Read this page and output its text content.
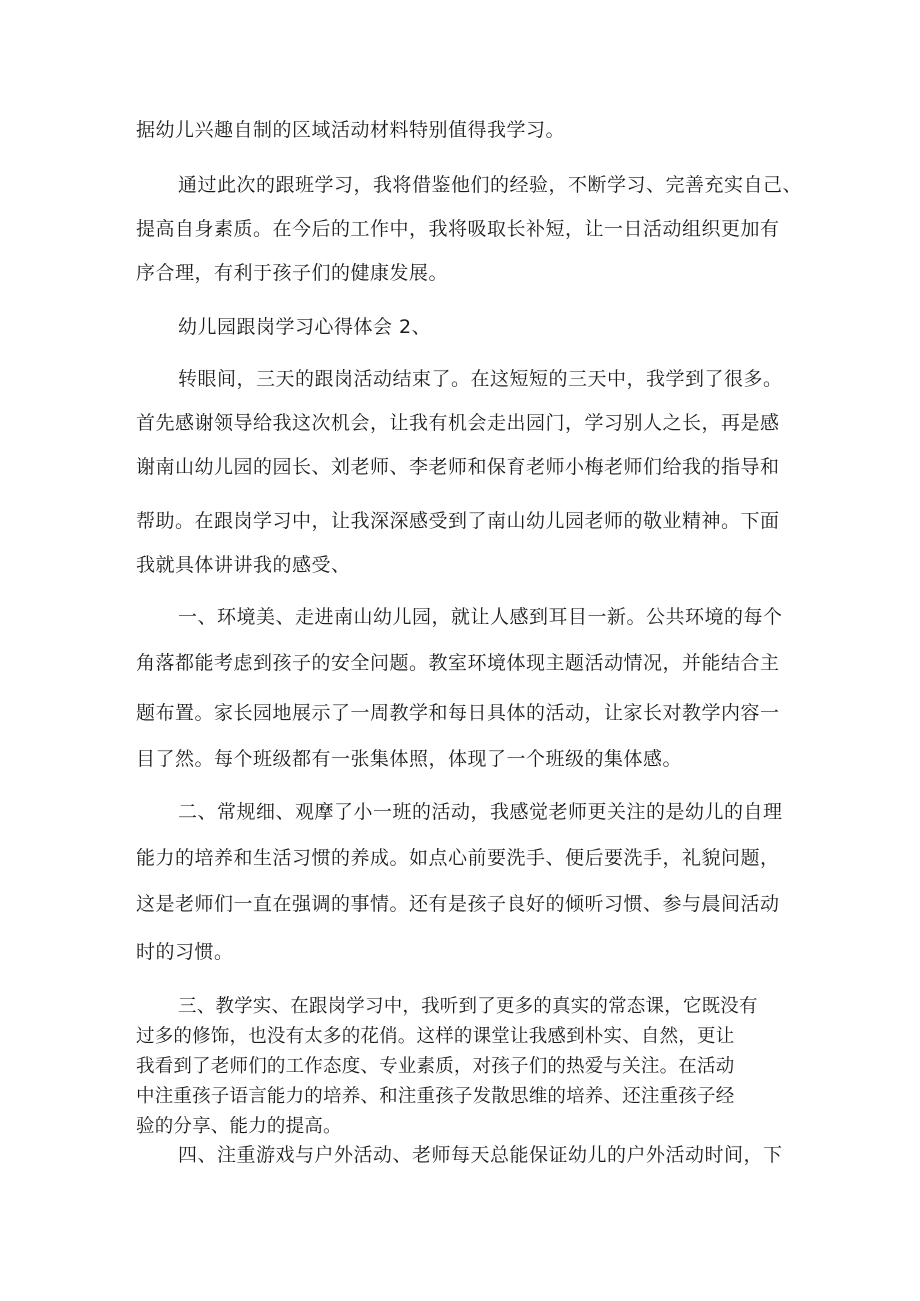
据幼儿兴趣自制的区域活动材料特别值得我学习。
通过此次的跟班学习，我将借鉴他们的经验，不断学习、完善充实自己、
提高自身素质。在今后的工作中，我将吸取长补短，让一日活动组织更加有
序合理，有利于孩子们的健康发展。
幼儿园跟岗学习心得体会 2、
转眼间，三天的跟岗活动结束了。在这短短的三天中，我学到了很多。
首先感谢领导给我这次机会，让我有机会走出园门，学习别人之长，再是感
谢南山幼儿园的园长、刘老师、李老师和保育老师小梅老师们给我的指导和
帮助。在跟岗学习中，让我深深感受到了南山幼儿园老师的敬业精神。下面
我就具体讲讲我的感受、
一、环境美、走进南山幼儿园，就让人感到耳目一新。公共环境的每个
角落都能考虑到孩子的安全问题。教室环境体现主题活动情况，并能结合主
题布置。家长园地展示了一周教学和每日具体的活动，让家长对教学内容一
目了然。每个班级都有一张集体照，体现了一个班级的集体感。
二、常规细、观摩了小一班的活动，我感觉老师更关注的是幼儿的自理
能力的培养和生活习惯的养成。如点心前要洗手、便后要洗手，礼貌问题，
这是老师们一直在强调的事情。还有是孩子良好的倾听习惯、参与晨间活动
时的习惯。
三、教学实、在跟岗学习中，我听到了更多的真实的常态课，它既没有
过多的修饰，也没有太多的花俏。这样的课堂让我感到朴实、自然，更让
我看到了老师们的工作态度、专业素质，对孩子们的热爱与关注。在活动
中注重孩子语言能力的培养、和注重孩子发散思维的培养、还注重孩子经
验的分享、能力的提高。
四、注重游戏与户外活动、老师每天总能保证幼儿的户外活动时间，下
